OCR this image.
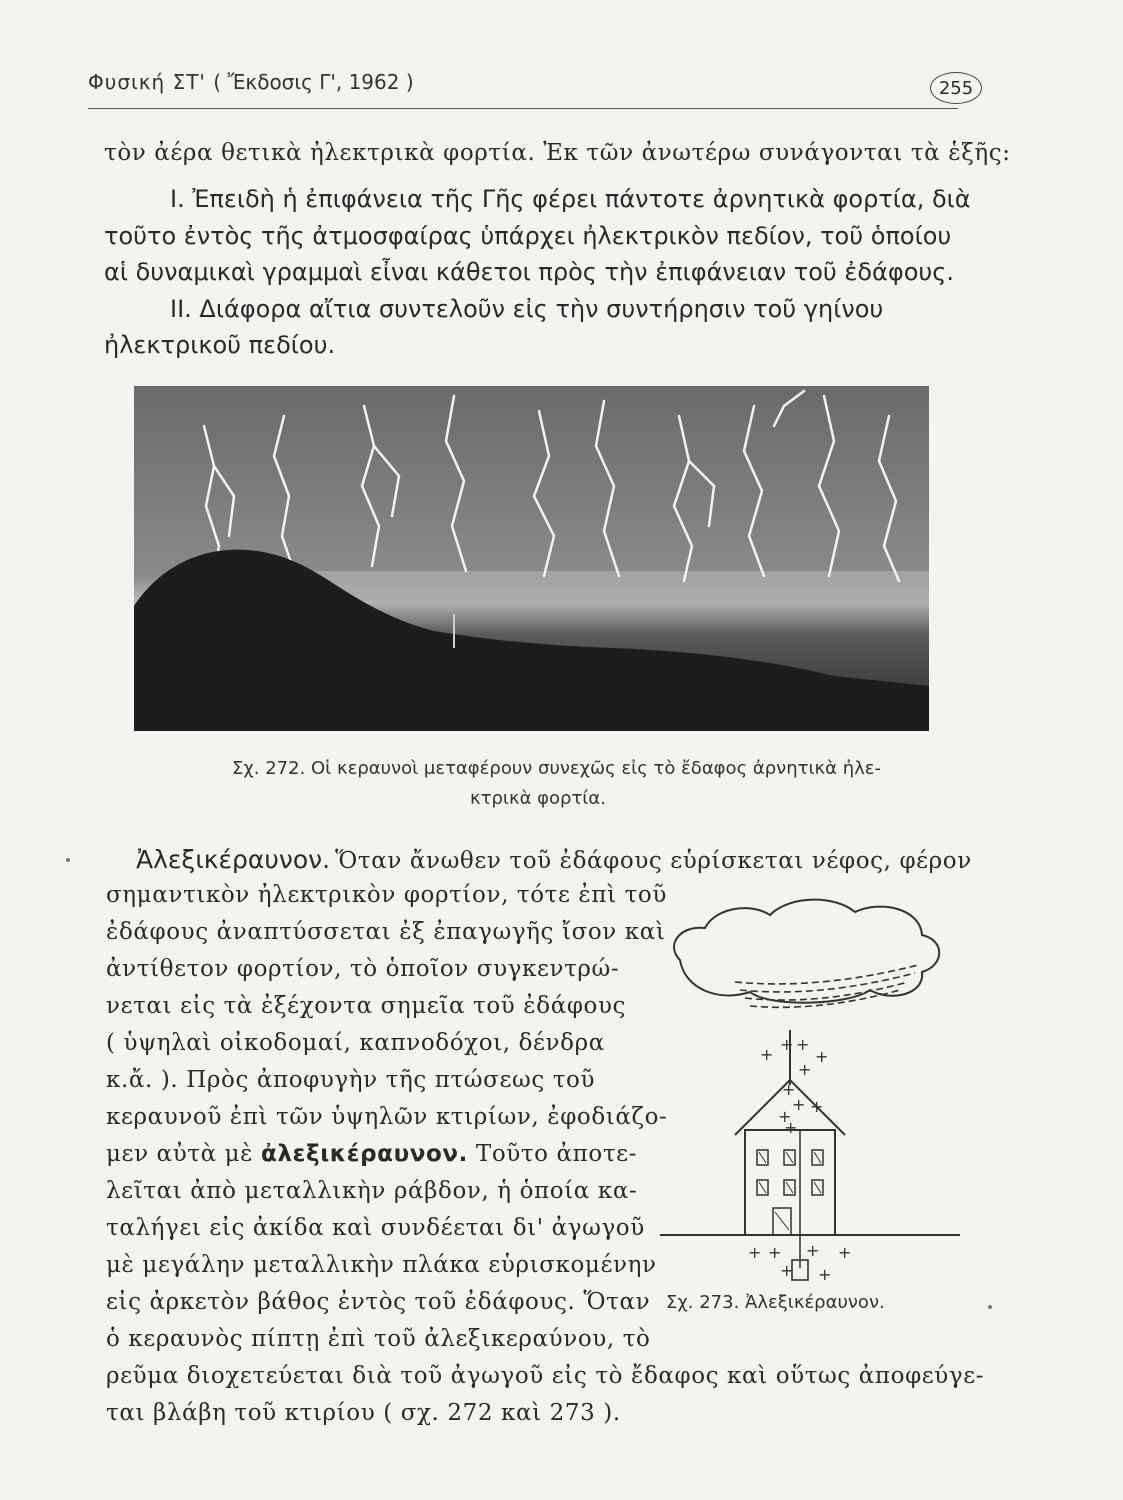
Φυσική ΣΤ' ( Ἔκδοσις Γ', 1962 )	255
τὸν ἀέρα θετικὰ ἠλεκτρικὰ φορτία. Ἐκ τῶν ἀνωτέρω συνάγονται τὰ ἑξῆς:
I. Ἐπειδὴ ἡ ἐπιφάνεια τῆς Γῆς φέρει πάντοτε ἀρνητικὰ φορτία, διὰ
τοῦτο ἐντὸς τῆς ἀτμοσφαίρας ὑπάρχει ἠλεκτρικὸν πεδίον, τοῦ ὁποίου
αἱ δυναμικαὶ γραμμαὶ εἶναι κάθετοι πρὸς τὴν ἐπιφάνειαν τοῦ ἐδάφους.
II. Διάφορα αἴτια συντελοῦν εἰς τὴν συντήρησιν τοῦ γηίνου
ἠλεκτρικοῦ πεδίου.
Σχ. 272. Οἱ κεραυνοὶ μεταφέρουν συνεχῶς εἰς τὸ ἔδαφος ἀρνητικὰ ἠλε-
κτρικὰ φορτία.
Ἀλεξικέραυνον. Ὅταν ἄνωθεν τοῦ ἐδάφους εὑρίσκεται νέφος, φέρον
σημαντικὸν ἠλεκτρικὸν φορτίον, τότε ἐπὶ τοῦ
ἐδάφους ἀναπτύσσεται ἐξ ἐπαγωγῆς ἴσον καὶ
ἀντίθετον φορτίον, τὸ ὁποῖον συγκεντρώ-
νεται εἰς τὰ ἐξέχοντα σημεῖα τοῦ ἐδάφους
( ὑψηλαὶ οἰκοδομαί, καπνοδόχοι, δένδρα
κ.ἄ. ). Πρὸς ἀποφυγὴν τῆς πτώσεως τοῦ
κεραυνοῦ ἐπὶ τῶν ὑψηλῶν κτιρίων, ἐφοδιάζο-
μεν αὐτὰ μὲ ἀλεξικέραυνον. Τοῦτο ἀποτε-
λεῖται ἀπὸ μεταλλικὴν ράβδον, ἡ ὁποία κα-
ταλήγει εἰς ἀκίδα καὶ συνδέεται δι' ἀγωγοῦ
μὲ μεγάλην μεταλλικὴν πλάκα εὑρισκομένην
εἰς ἀρκετὸν βάθος ἐντὸς τοῦ ἐδάφους. Ὅταν
ὁ κεραυνὸς πίπτῃ ἐπὶ τοῦ ἀλεξικεραύνου, τὸ
ρεῦμα διοχετεύεται διὰ τοῦ ἀγωγοῦ εἰς τὸ ἔδαφος καὶ οὕτως ἀποφεύγε-
ται βλάβη τοῦ κτιρίου ( σχ. 272 καὶ 273 ).
+ +
+	+
+
+
+
+
+
+
+ + + +
+ +
Σχ. 273. Ἀλεξικέραυνον.
